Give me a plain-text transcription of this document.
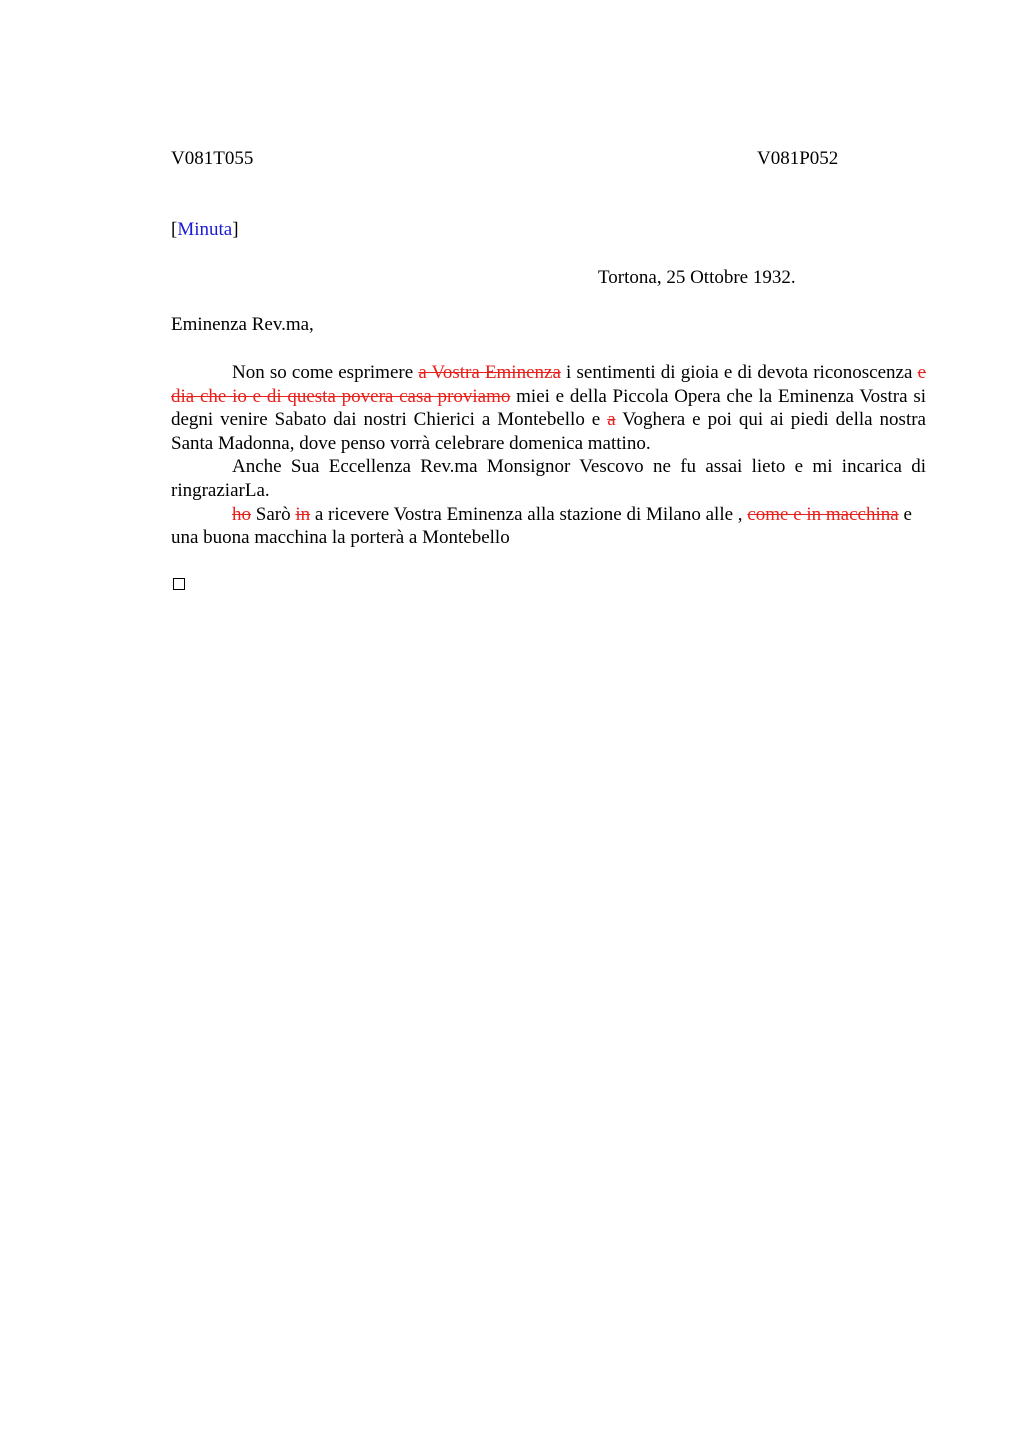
V081T055	V081P052
[Minuta]
Tortona, 25 Ottobre 1932.
Eminenza Rev.ma,

Non so come esprimere a Vostra Eminenza i sentimenti di gioia e di devota riconoscenza e dia che io e di questa povera casa proviamo miei e della Piccola Opera che la Eminenza Vostra si degni venire Sabato dai nostri Chierici a Montebello e a Voghera e poi qui ai piedi della nostra Santa Madonna, dove penso vorrà celebrare domenica mattino.

Anche Sua Eccellenza Rev.ma Monsignor Vescovo ne fu assai lieto e mi incarica di ringraziarLa.

ho Sarò in a ricevere Vostra Eminenza alla stazione di Milano alle , come e in macchina e una buona macchina la porterà a Montebello
